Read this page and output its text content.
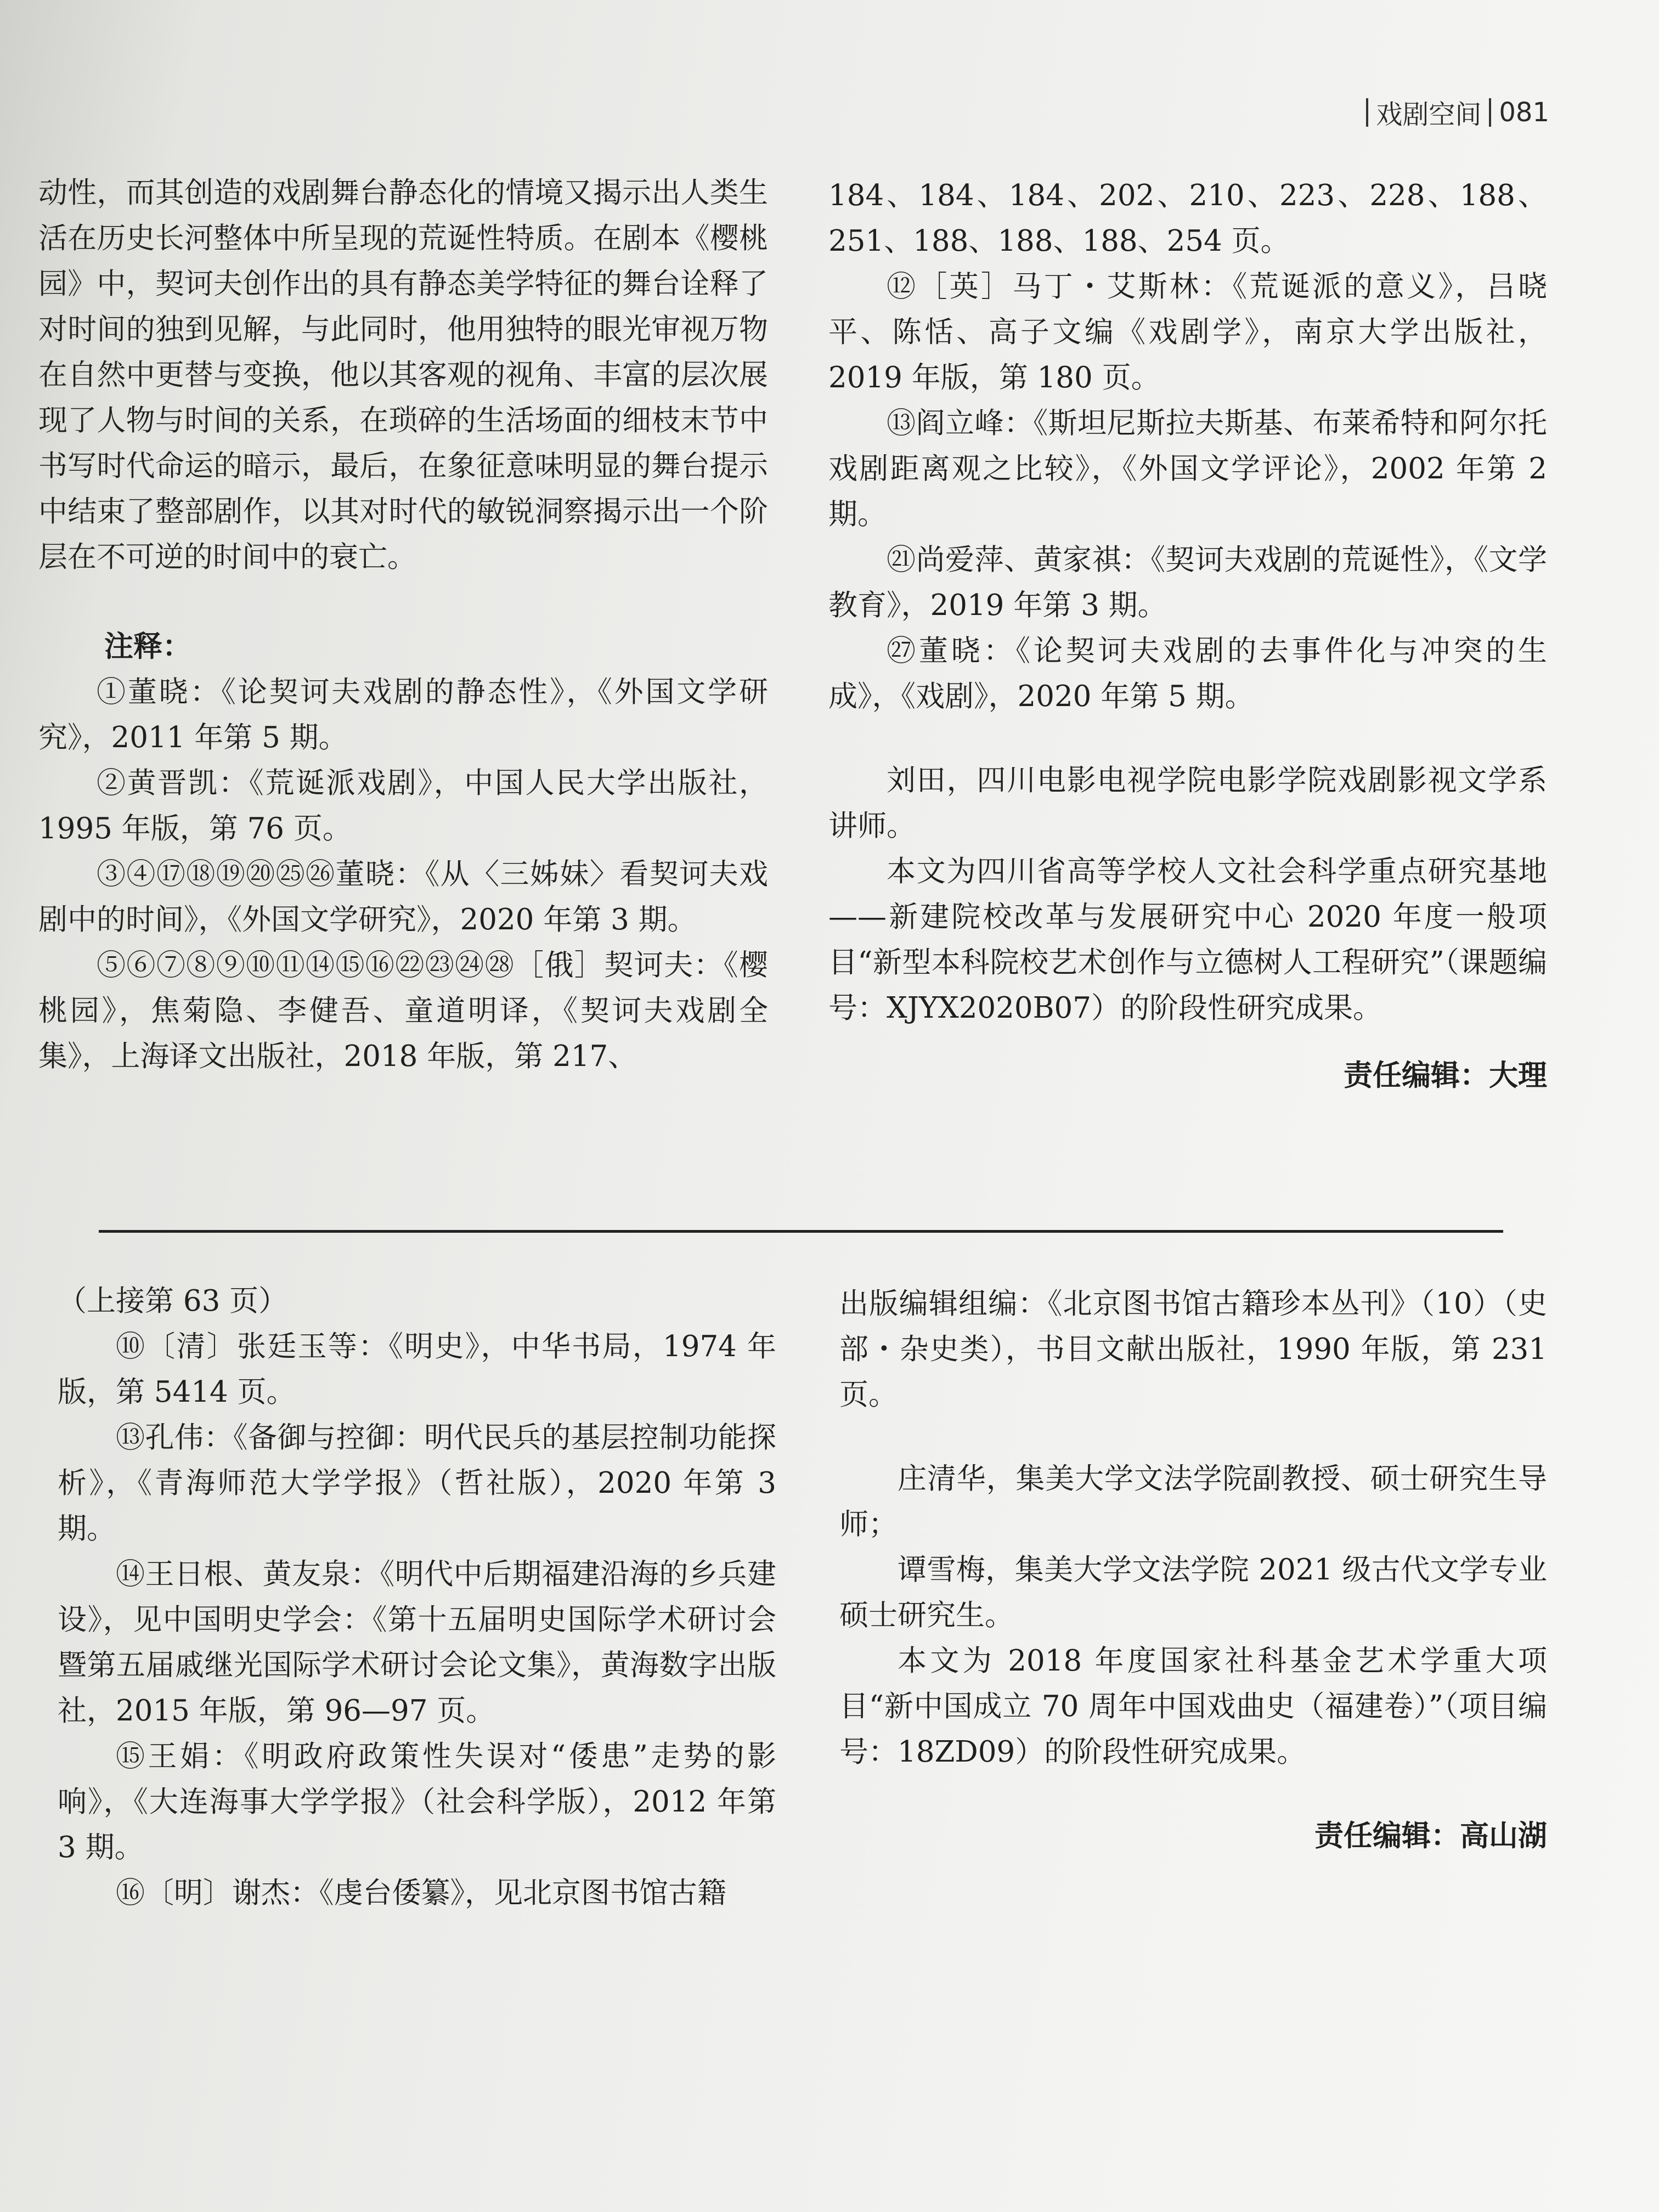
戏剧空间 081

动性，而其创造的戏剧舞台静态化的情境又揭示出人类生活在历史长河整体中所呈现的荒诞性特质。在剧本《樱桃园》中，契诃夫创作出的具有静态美学特征的舞台诠释了对时间的独到见解，与此同时，他用独特的眼光审视万物在自然中更替与变换，他以其客观的视角、丰富的层次展现了人物与时间的关系，在琐碎的生活场面的细枝末节中书写时代命运的暗示，最后，在象征意味明显的舞台提示中结束了整部剧作，以其对时代的敏锐洞察揭示出一个阶层在不可逆的时间中的衰亡。

注释：

①董晓：《论契诃夫戏剧的静态性》，《外国文学研究》，2011 年第 5 期。

②黄晋凯：《荒诞派戏剧》，中国人民大学出版社，1995 年版，第 76 页。

③④⑰⑱⑲⑳㉕㉖董晓：《从〈三姊妹〉看契诃夫戏剧中的时间》，《外国文学研究》，2020 年第 3 期。

⑤⑥⑦⑧⑨⑩⑪⑭⑮⑯㉒㉓㉔㉘［俄］契诃夫：《樱桃园》，焦菊隐、李健吾、童道明译，《契诃夫戏剧全集》，上海译文出版社，2018 年版，第 217、

184、184、184、202、210、223、228、188、251、188、188、188、254 页。

⑫［英］马丁・艾斯林：《荒诞派的意义》，吕晓平、陈恬、高子文编《戏剧学》，南京大学出版社，2019 年版，第 180 页。

⑬阎立峰：《斯坦尼斯拉夫斯基、布莱希特和阿尔托戏剧距离观之比较》，《外国文学评论》，2002 年第 2 期。

㉑尚爱萍、黄家祺：《契诃夫戏剧的荒诞性》，《文学教育》，2019 年第 3 期。

㉗董晓：《论契诃夫戏剧的去事件化与冲突的生成》，《戏剧》，2020 年第 5 期。

刘田，四川电影电视学院电影学院戏剧影视文学系讲师。

本文为四川省高等学校人文社会科学重点研究基地——新建院校改革与发展研究中心 2020 年度一般项目“新型本科院校艺术创作与立德树人工程研究”（课题编号：XJYX2020B07）的阶段性研究成果。

责任编辑：大理

（上接第 63 页）

⑩〔清〕张廷玉等：《明史》，中华书局，1974 年版，第 5414 页。

⑬孔伟：《备御与控御：明代民兵的基层控制功能探析》，《青海师范大学学报》（哲社版），2020 年第 3 期。

⑭王日根、黄友泉：《明代中后期福建沿海的乡兵建设》，见中国明史学会：《第十五届明史国际学术研讨会暨第五届戚继光国际学术研讨会论文集》，黄海数字出版社，2015 年版，第 96—97 页。

⑮王娟：《明政府政策性失误对“倭患”走势的影响》，《大连海事大学学报》（社会科学版），2012 年第 3 期。

⑯〔明〕谢杰：《虔台倭纂》，见北京图书馆古籍

出版编辑组编：《北京图书馆古籍珍本丛刊》（10）（史部・杂史类），书目文献出版社，1990 年版，第 231 页。

庄清华，集美大学文法学院副教授、硕士研究生导师；

谭雪梅，集美大学文法学院 2021 级古代文学专业硕士研究生。

本文为 2018 年度国家社科基金艺术学重大项目“新中国成立 70 周年中国戏曲史（福建卷）”（项目编号：18ZD09）的阶段性研究成果。

责任编辑：高山湖
